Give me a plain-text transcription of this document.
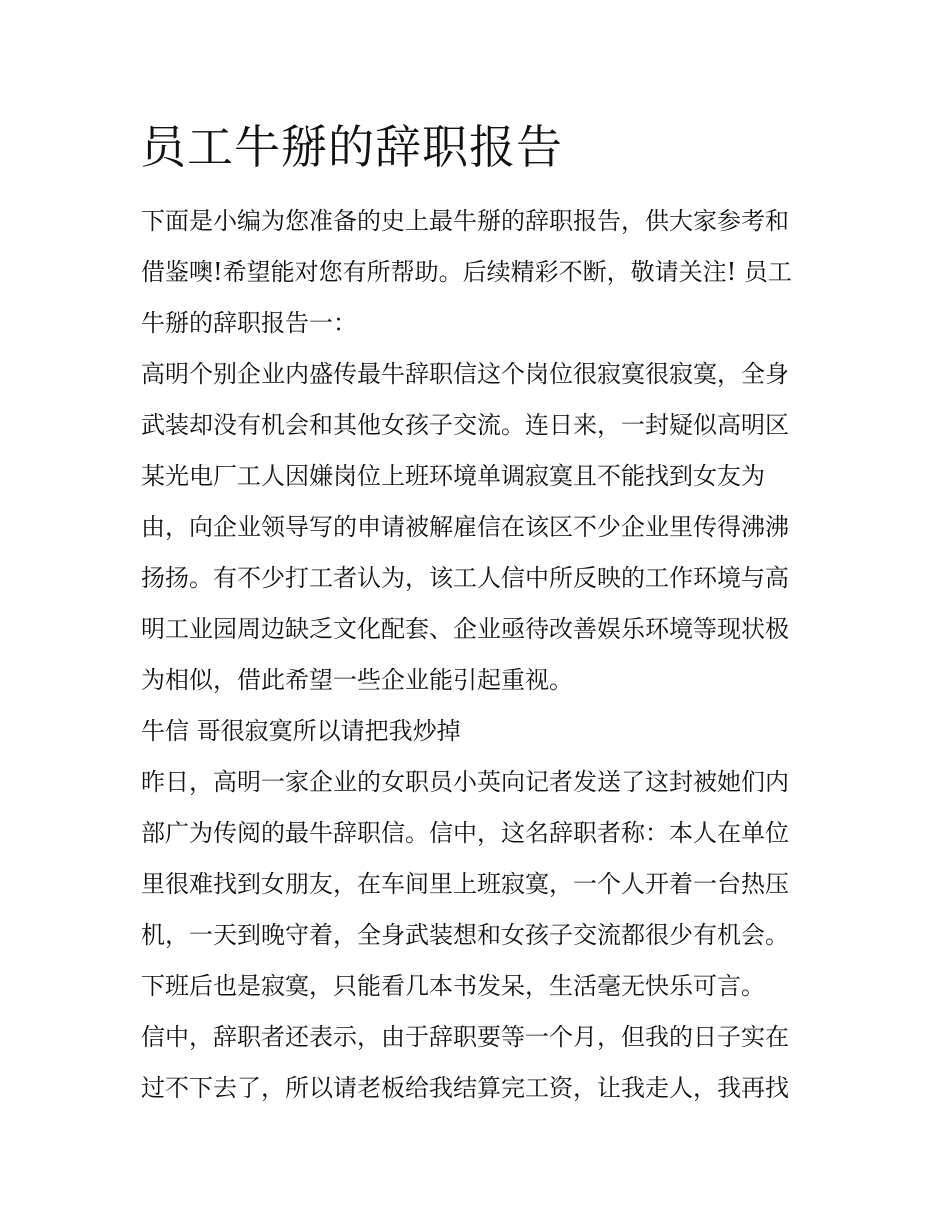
员工牛掰的辞职报告
下面是小编为您准备的史上最牛掰的辞职报告，供大家参考和
借鉴噢!希望能对您有所帮助。后续精彩不断，敬请关注! 员工
牛掰的辞职报告一：
高明个别企业内盛传最牛辞职信这个岗位很寂寞很寂寞，全身
武装却没有机会和其他女孩子交流。连日来，一封疑似高明区
某光电厂工人因嫌岗位上班环境单调寂寞且不能找到女友为
由，向企业领导写的申请被解雇信在该区不少企业里传得沸沸
扬扬。有不少打工者认为，该工人信中所反映的工作环境与高
明工业园周边缺乏文化配套、企业亟待改善娱乐环境等现状极
为相似，借此希望一些企业能引起重视。
牛信 哥很寂寞所以请把我炒掉
昨日，高明一家企业的女职员小英向记者发送了这封被她们内
部广为传阅的最牛辞职信。信中，这名辞职者称：本人在单位
里很难找到女朋友，在车间里上班寂寞，一个人开着一台热压
机，一天到晚守着，全身武装想和女孩子交流都很少有机会。
下班后也是寂寞，只能看几本书发呆，生活毫无快乐可言。
信中，辞职者还表示，由于辞职要等一个月，但我的日子实在
过不下去了，所以请老板给我结算完工资，让我走人，我再找
